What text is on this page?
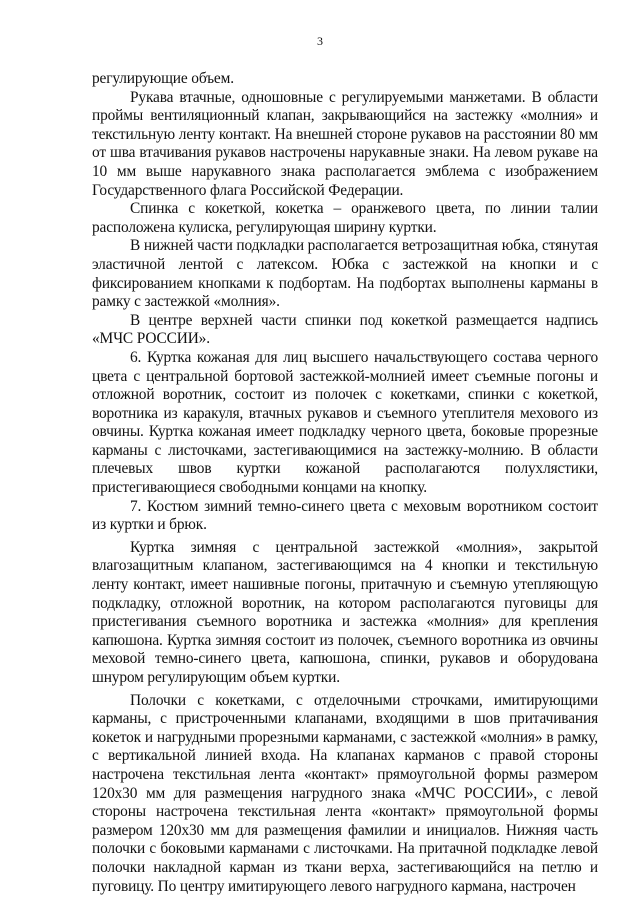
3

регулирующие объем.

Рукава втачные, одношовные с регулируемыми манжетами. В области проймы вентиляционный клапан, закрывающийся на застежку «молния» и текстильную ленту контакт. На внешней стороне рукавов на расстоянии 80 мм от шва втачивания рукавов настрочены нарукавные знаки. На левом рукаве на 10 мм выше нарукавного знака располагается эмблема с изображением Государственного флага Российской Федерации.

Спинка с кокеткой, кокетка – оранжевого цвета, по линии талии расположена кулиска, регулирующая ширину куртки.

В нижней части подкладки располагается ветрозащитная юбка, стянутая эластичной лентой с латексом. Юбка с застежкой на кнопки и с фиксированием кнопками к подбортам. На подбортах выполнены карманы в рамку с застежкой «молния».

В центре верхней части спинки под кокеткой размещается надпись «МЧС РОССИИ».

6. Куртка кожаная для лиц высшего начальствующего состава черного цвета с центральной бортовой застежкой-молнией имеет съемные погоны и отложной воротник, состоит из полочек с кокетками, спинки с кокеткой, воротника из каракуля, втачных рукавов и съемного утеплителя мехового из овчины. Куртка кожаная имеет подкладку черного цвета, боковые прорезные карманы с листочками, застегивающимися на застежку-молнию. В области плечевых швов куртки кожаной располагаются полухлястики, пристегивающиеся свободными концами на кнопку.

7. Костюм зимний темно-синего цвета с меховым воротником состоит из куртки и брюк.

Куртка зимняя с центральной застежкой «молния», закрытой влагозащитным клапаном, застегивающимся на 4 кнопки и текстильную ленту контакт, имеет нашивные погоны, притачную и съемную утепляющую подкладку, отложной воротник, на котором располагаются пуговицы для пристегивания съемного воротника и застежка «молния» для крепления капюшона. Куртка зимняя состоит из полочек, съемного воротника из овчины меховой темно-синего цвета, капюшона, спинки, рукавов и оборудована шнуром регулирующим объем куртки.

Полочки с кокетками, с отделочными строчками, имитирующими карманы, с пристроченными клапанами, входящими в шов притачивания кокеток и нагрудными прорезными карманами, с застежкой «молния» в рамку, с вертикальной линией входа. На клапанах карманов с правой стороны настрочена текстильная лента «контакт» прямоугольной формы размером 120х30 мм для размещения нагрудного знака «МЧС РОССИИ», с левой стороны настрочена текстильная лента «контакт» прямоугольной формы размером 120х30 мм для размещения фамилии и инициалов. Нижняя часть полочки с боковыми карманами с листочками. На притачной подкладке левой полочки накладной карман из ткани верха, застегивающийся на петлю и пуговицу. По центру имитирующего левого нагрудного кармана, настрочен
